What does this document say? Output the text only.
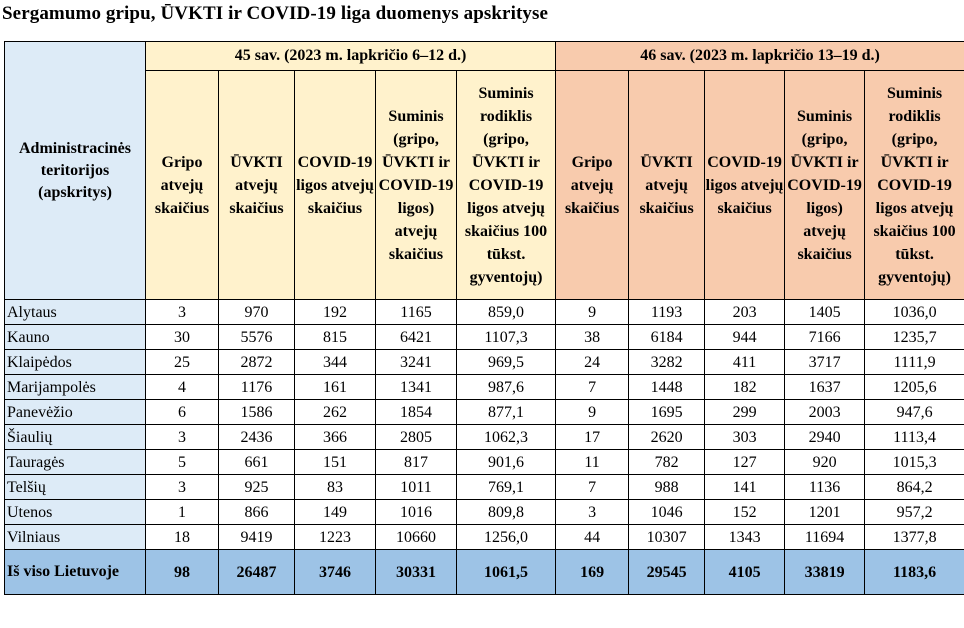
Sergamumo gripu, ŪVKTI ir COVID-19 liga duomenys apskrityse
Administracinės teritorijos (apskritys)	45 sav. (2023 m. lapkričio 6–12 d.)					46 sav. (2023 m. lapkričio 13–19 d.)				
	Gripo atvejų skaičius	ŪVKTI atvejų skaičius	COVID-19 ligos atvejų skaičius	Suminis (gripo, ŪVKTI ir COVID-19 ligos) atvejų skaičius	Suminis rodiklis (gripo, ŪVKTI ir COVID-19 ligos atvejų skaičius 100 tūkst. gyventojų)	Gripo atvejų skaičius	ŪVKTI atvejų skaičius	COVID-19 ligos atvejų skaičius	Suminis (gripo, ŪVKTI ir COVID-19 ligos) atvejų skaičius	Suminis rodiklis (gripo, ŪVKTI ir COVID-19 ligos atvejų skaičius 100 tūkst. gyventojų)
Alytaus	3	970	192	1165	859,0	9	1193	203	1405	1036,0
Kauno	30	5576	815	6421	1107,3	38	6184	944	7166	1235,7
Klaipėdos	25	2872	344	3241	969,5	24	3282	411	3717	1111,9
Marijampolės	4	1176	161	1341	987,6	7	1448	182	1637	1205,6
Panevėžio	6	1586	262	1854	877,1	9	1695	299	2003	947,6
Šiaulių	3	2436	366	2805	1062,3	17	2620	303	2940	1113,4
Tauragės	5	661	151	817	901,6	11	782	127	920	1015,3
Telšių	3	925	83	1011	769,1	7	988	141	1136	864,2
Utenos	1	866	149	1016	809,8	3	1046	152	1201	957,2
Vilniaus	18	9419	1223	10660	1256,0	44	10307	1343	11694	1377,8
Iš viso Lietuvoje	98	26487	3746	30331	1061,5	169	29545	4105	33819	1183,6
